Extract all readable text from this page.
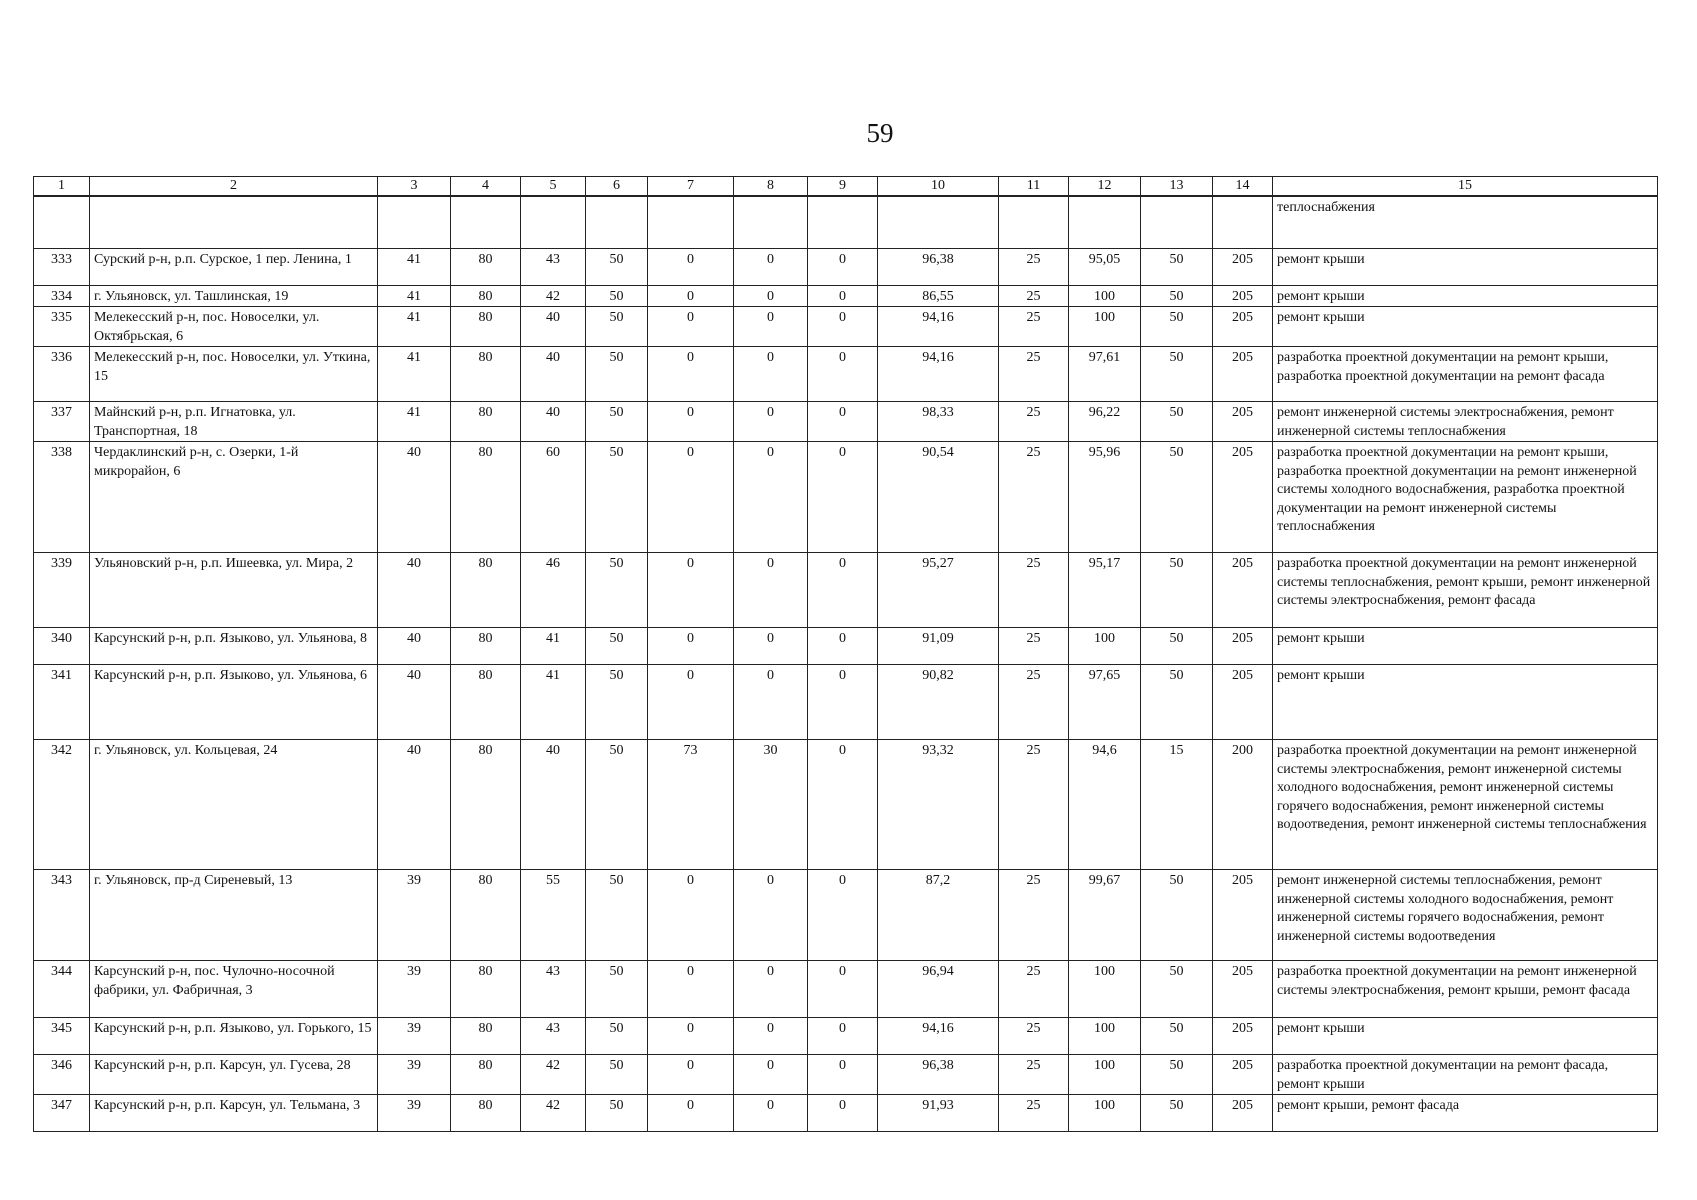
59
1	2	3	4	5	6	7	8	9	10	11	12	13	14	15
														теплоснабжения
333	Сурский р-н, р.п. Сурское, 1 пер. Ленина, 1	41	80	43	50	0	0	0	96,38	25	95,05	50	205	ремонт крыши
334	г. Ульяновск, ул. Ташлинская, 19	41	80	42	50	0	0	0	86,55	25	100	50	205	ремонт крыши
335	Мелекесский р-н, пос. Новоселки, ул. Октябрьская, 6	41	80	40	50	0	0	0	94,16	25	100	50	205	ремонт крыши
336	Мелекесский р-н, пос. Новоселки, ул. Уткина, 15	41	80	40	50	0	0	0	94,16	25	97,61	50	205	разработка проектной документации на ремонт крыши, разработка проектной документации на ремонт фасада
337	Майнский р-н, р.п. Игнатовка, ул. Транспортная, 18	41	80	40	50	0	0	0	98,33	25	96,22	50	205	ремонт инженерной системы электроснабжения, ремонт инженерной системы теплоснабжения
338	Чердаклинский р-н, с. Озерки, 1-й микрорайон, 6	40	80	60	50	0	0	0	90,54	25	95,96	50	205	разработка проектной документации на ремонт крыши, разработка проектной документации на ремонт инженерной системы холодного водоснабжения, разработка проектной документации на ремонт инженерной системы теплоснабжения
339	Ульяновский р-н, р.п. Ишеевка, ул. Мира, 2	40	80	46	50	0	0	0	95,27	25	95,17	50	205	разработка проектной документации на ремонт инженерной системы теплоснабжения, ремонт крыши, ремонт инженерной системы электроснабжения, ремонт фасада
340	Карсунский р-н, р.п. Языково, ул. Ульянова, 8	40	80	41	50	0	0	0	91,09	25	100	50	205	ремонт крыши
341	Карсунский р-н, р.п. Языково, ул. Ульянова, 6	40	80	41	50	0	0	0	90,82	25	97,65	50	205	ремонт крыши
342	г. Ульяновск, ул. Кольцевая, 24	40	80	40	50	73	30	0	93,32	25	94,6	15	200	разработка проектной документации на ремонт инженерной системы электроснабжения, ремонт инженерной системы холодного водоснабжения, ремонт инженерной системы горячего водоснабжения, ремонт инженерной системы водоотведения, ремонт инженерной системы теплоснабжения
343	г. Ульяновск, пр-д Сиреневый, 13	39	80	55	50	0	0	0	87,2	25	99,67	50	205	ремонт инженерной системы теплоснабжения, ремонт инженерной системы холодного водоснабжения, ремонт инженерной системы горячего водоснабжения, ремонт инженерной системы водоотведения
344	Карсунский р-н, пос. Чулочно-носочной фабрики, ул. Фабричная, 3	39	80	43	50	0	0	0	96,94	25	100	50	205	разработка проектной документации на ремонт инженерной системы электроснабжения, ремонт крыши, ремонт фасада
345	Карсунский р-н, р.п. Языково, ул. Горького, 15	39	80	43	50	0	0	0	94,16	25	100	50	205	ремонт крыши
346	Карсунский р-н, р.п. Карсун, ул. Гусева, 28	39	80	42	50	0	0	0	96,38	25	100	50	205	разработка проектной документации на ремонт фасада, ремонт крыши
347	Карсунский р-н, р.п. Карсун, ул. Тельмана, 3	39	80	42	50	0	0	0	91,93	25	100	50	205	ремонт крыши, ремонт фасада
